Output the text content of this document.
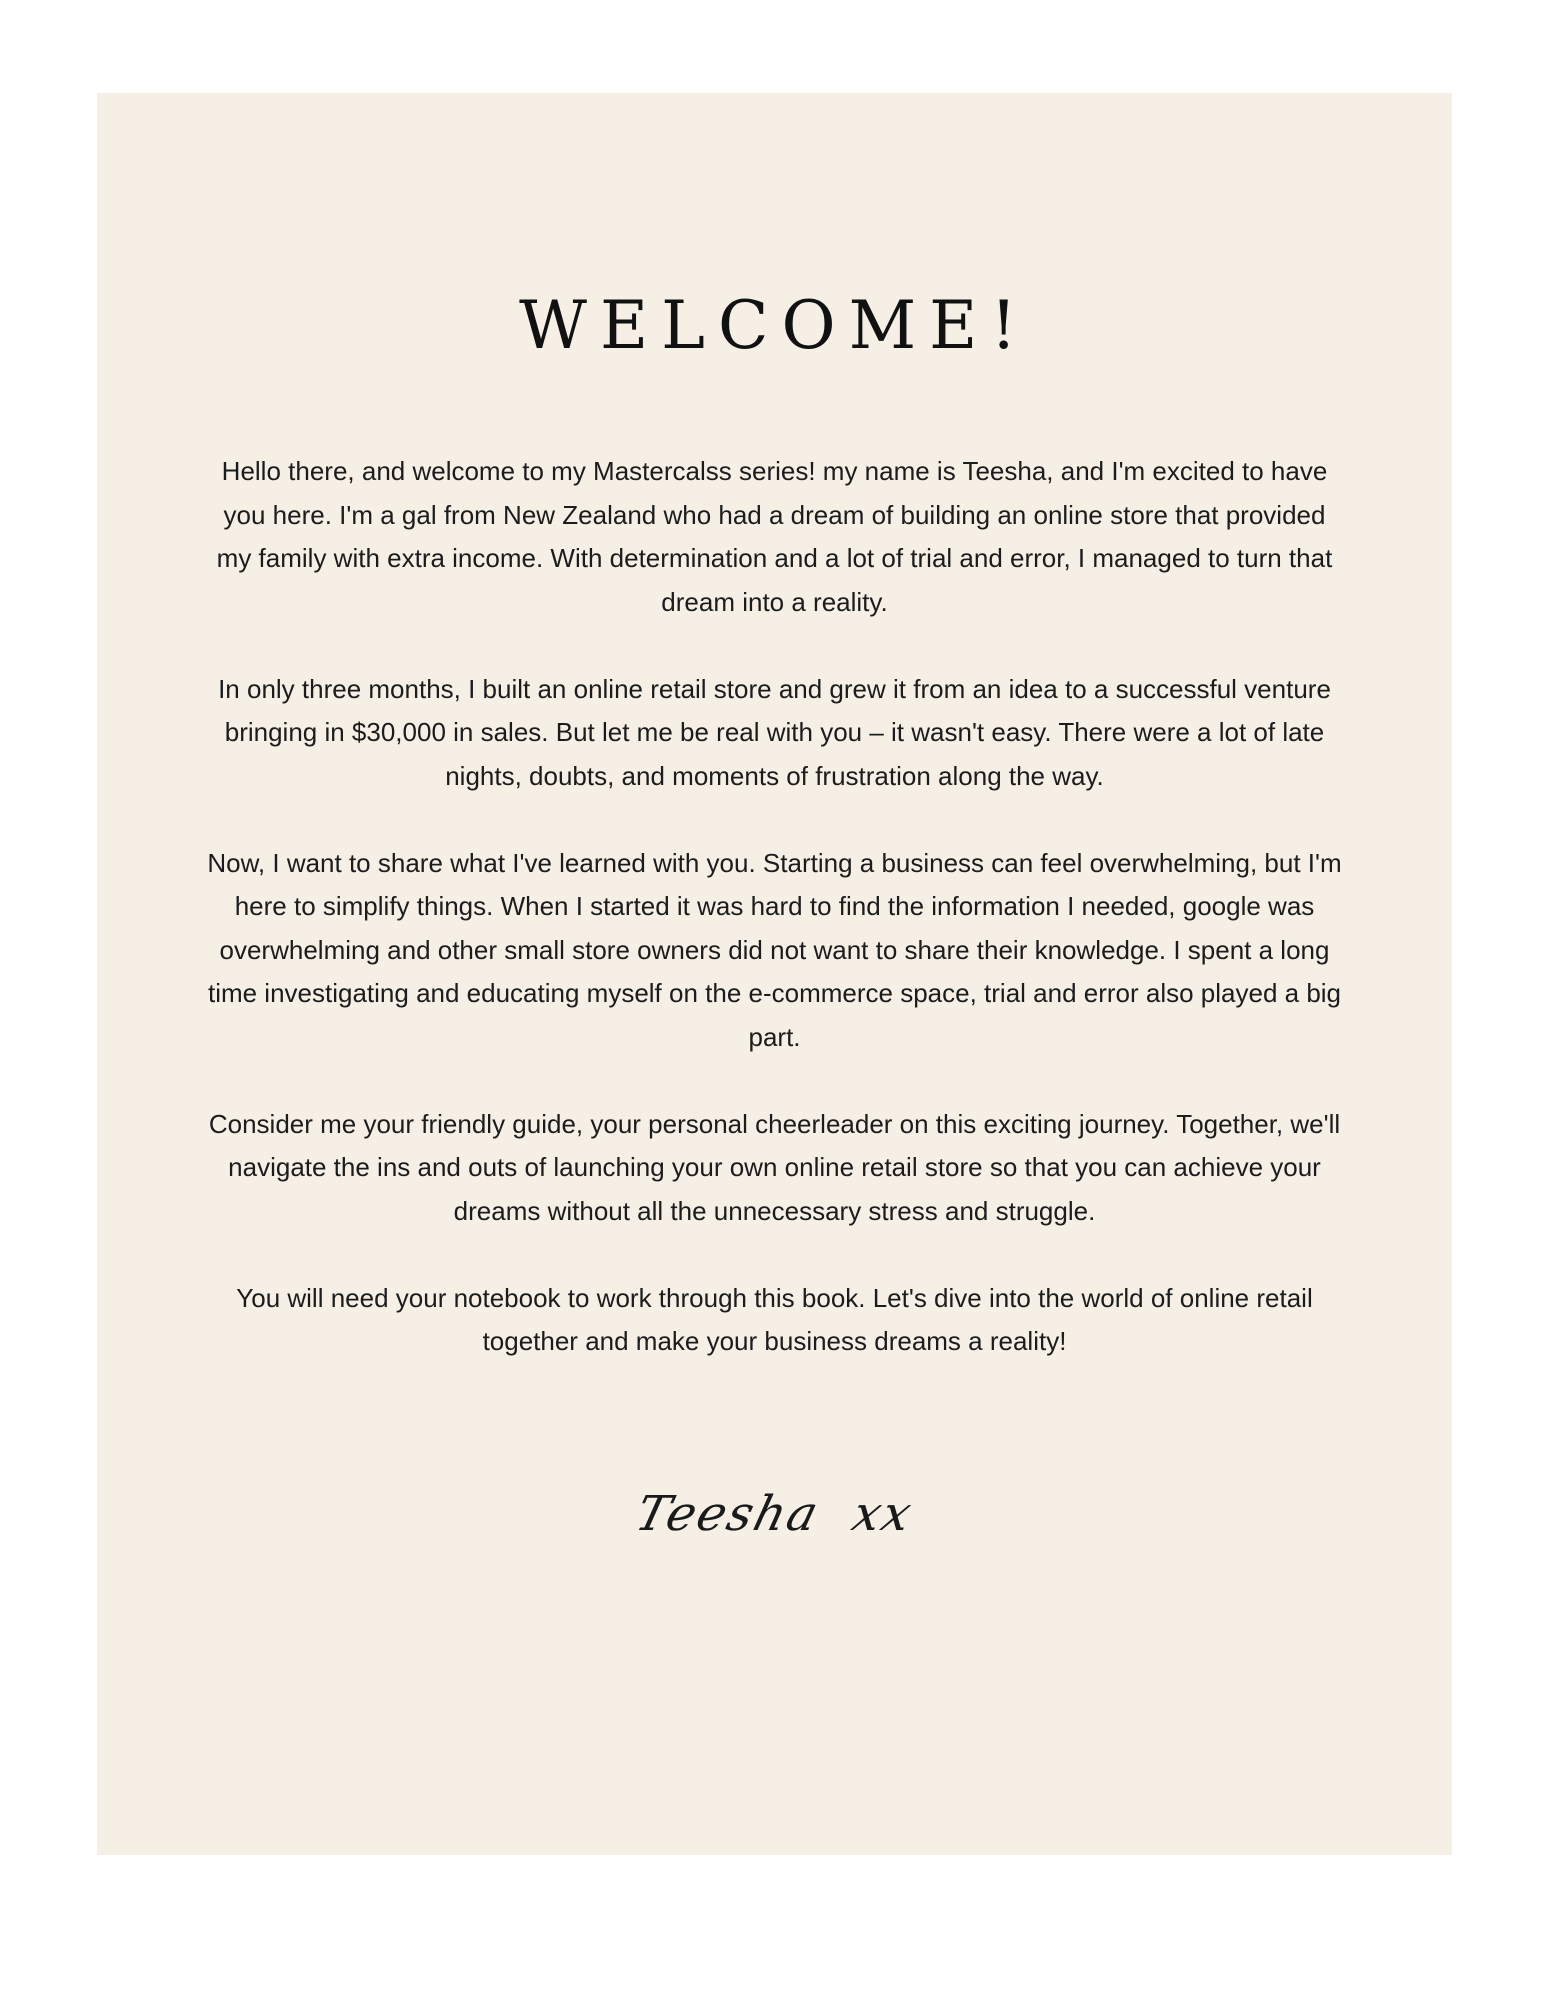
WELCOME!

Hello there, and welcome to my Mastercalss series! my name is Teesha, and I'm excited to have you here. I'm a gal from New Zealand who had a dream of building an online store that provided my family with extra income. With determination and a lot of trial and error, I managed to turn that dream into a reality.

In only three months, I built an online retail store and grew it from an idea to a successful venture bringing in $30,000 in sales. But let me be real with you – it wasn't easy. There were a lot of late nights, doubts, and moments of frustration along the way.

Now, I want to share what I've learned with you. Starting a business can feel overwhelming, but I'm here to simplify things. When I started it was hard to find the information I needed, google was overwhelming and other small store owners did not want to share their knowledge. I spent a long time investigating and educating myself on the e-commerce space, trial and error also played a big part.

Consider me your friendly guide, your personal cheerleader on this exciting journey. Together, we'll navigate the ins and outs of launching your own online retail store so that you can achieve your dreams without all the unnecessary stress and struggle.

You will need your notebook to work through this book. Let's dive into the world of online retail together and make your business dreams a reality!

Teesha xx
